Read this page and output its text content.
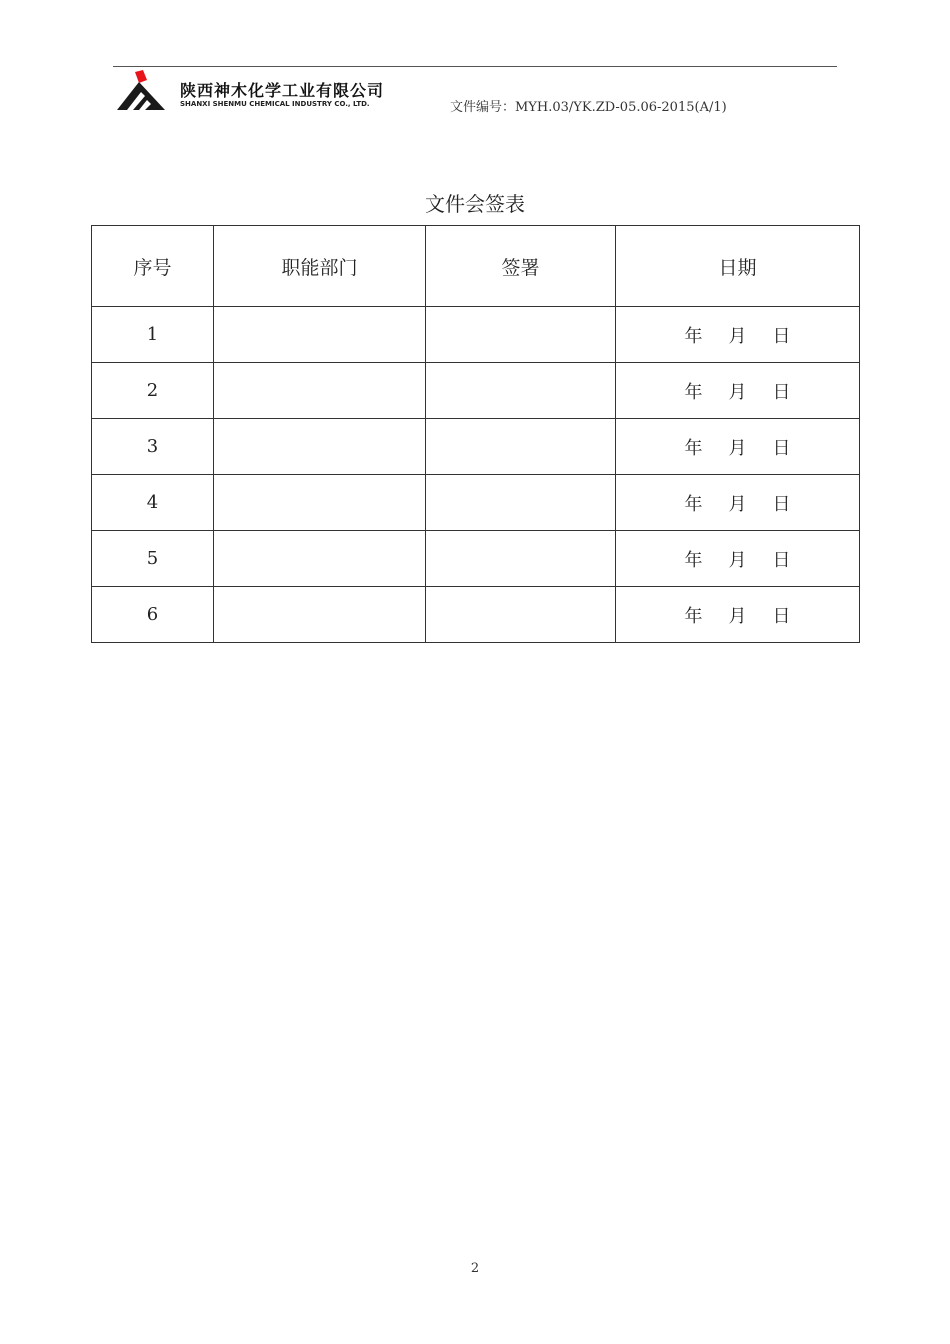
陕西神木化学工业有限公司
SHANXI SHENMU CHEMICAL INDUSTRY CO., LTD.	文件编号：MYH.03/YK.ZD-05.06-2015(A/1)
文件会签表
序号	职能部门	签署	日期
1			年 月 日
2			年 月 日
3			年 月 日
4			年 月 日
5			年 月 日
6			年 月 日
2
